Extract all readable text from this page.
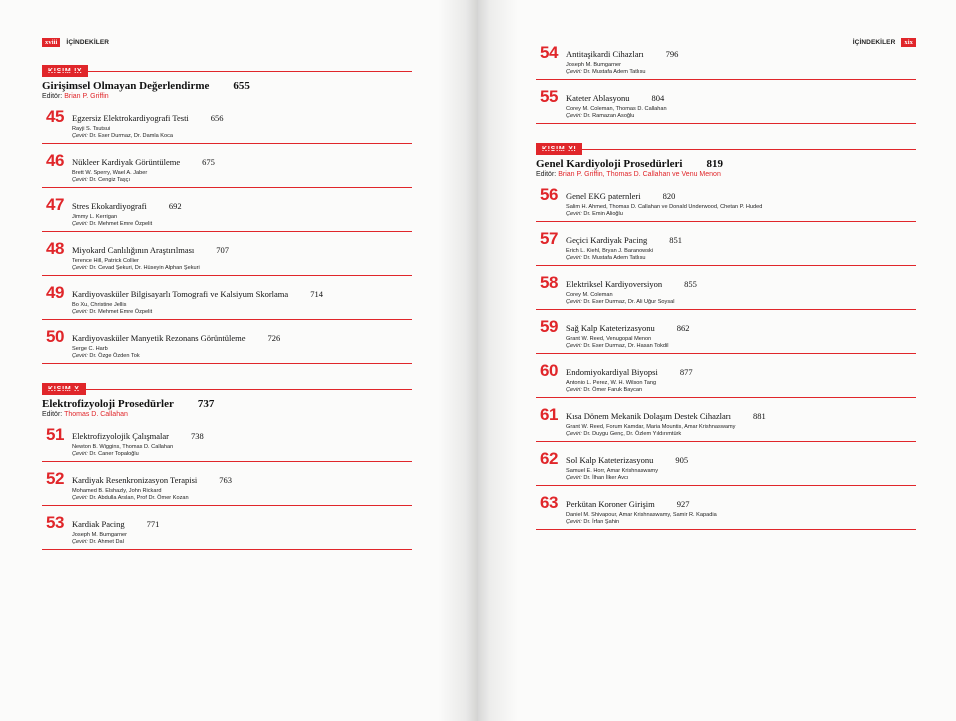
xviii	İÇİNDEKİLER
KISIM IX
Girişimsel Olmayan Değerlendirme 655
Editör: Brian P. Griffin
45 Egzersiz Elektrokardiyografi Testi	656
Rayji S. Tsutsui
Çeviri: Dr. Eser Durmaz, Dr. Damla Koca
46 Nükleer Kardiyak Görüntüleme	675
Brett W. Sperry, Wael A. Jaber
Çeviri: Dr. Cengiz Taşçı
47 Stres Ekokardiyografi	692
Jimmy L. Kerrigan
Çeviri: Dr. Mehmet Emre Özpelit
48 Miyokard Canlılığının Araştırılması	707
Terence Hill, Patrick Collier
Çeviri: Dr. Cevad Şekuri, Dr. Hüseyin Alphan Şekuri
49 Kardiyovasküler Bilgisayarlı Tomografi ve Kalsiyum Skorlama	714
Bo Xu, Christine Jellis
Çeviri: Dr. Mehmet Emre Özpelit
50 Kardiyovasküler Manyetik Rezonans Görüntüleme	726
Serge C. Harb
Çeviri: Dr. Özge Özden Tok
KISIM X
Elektrofizyoloji Prosedürler 737
Editör: Thomas D. Callahan
51 Elektrofizyolojik Çalışmalar	738
Newton B. Wiggins, Thomas D. Callahan
Çeviri: Dr. Caner Topaloğlu
52 Kardiyak Resenkronizasyon Terapisi	763
Mohamed B. Elshazly, John Rickard
Çeviri: Dr. Abdulla Arslan, Prof Dr. Ömer Kozan
53 Kardiak Pacing	771
Joseph M. Bumgarner
Çeviri: Dr. Ahmet Dal
İÇİNDEKİLER	xix
54 Antitaşikardi Cihazları	796
Joseph M. Bumgarner
Çeviri: Dr. Mustafa Adem Tatlısu
55 Kateter Ablasyonu	804
Corey M. Coleman, Thomas D. Callahan
Çeviri: Dr. Ramazan Asoğlu
KISIM XI
Genel Kardiyoloji Prosedürleri 819
Editör: Brian P. Griffin, Thomas D. Callahan ve Venu Menon
56 Genel EKG paternleri	820
Salim H. Ahmed, Thomas D. Callahan ve Donald Underwood, Chetan P. Huded
Çeviri: Dr. Emin Alioğlu
57 Geçici Kardiyak Pacing	851
Erich L. Kiehl, Bryan J. Baranowski
Çeviri: Dr. Mustafa Adem Tatlısu
58 Elektriksel Kardiyoversiyon	855
Corey M. Coleman
Çeviri: Dr. Eser Durmaz, Dr. Ali Uğur Soysal
59 Sağ Kalp Kateterizasyonu	862
Grant W. Reed, Venugopal Menon
Çeviri: Dr. Eser Durmaz, Dr. Hasan Tokdil
60 Endomiyokardiyal Biyopsi	877
Antonio L. Perez, W. H. Wilson Tang
Çeviri: Dr. Ömer Faruk Baycan
61 Kısa Dönem Mekanik Dolaşım Destek Cihazları	881
Grant W. Reed, Forum Kamdar, Maria Mountis, Amar Krishnaswamy
Çeviri: Dr. Duygu Genç, Dr. Özlem Yıldırımtürk
62 Sol Kalp Kateterizasyonu	905
Samuel E. Horr, Amar Krishnaswamy
Çeviri: Dr. İlhan İlker Avcı
63 Perkütan Koroner Girişim	927
Daniel M. Shivapour, Amar Krishnaswamy, Samir R. Kapadia
Çeviri: Dr. İrfan Şahin
